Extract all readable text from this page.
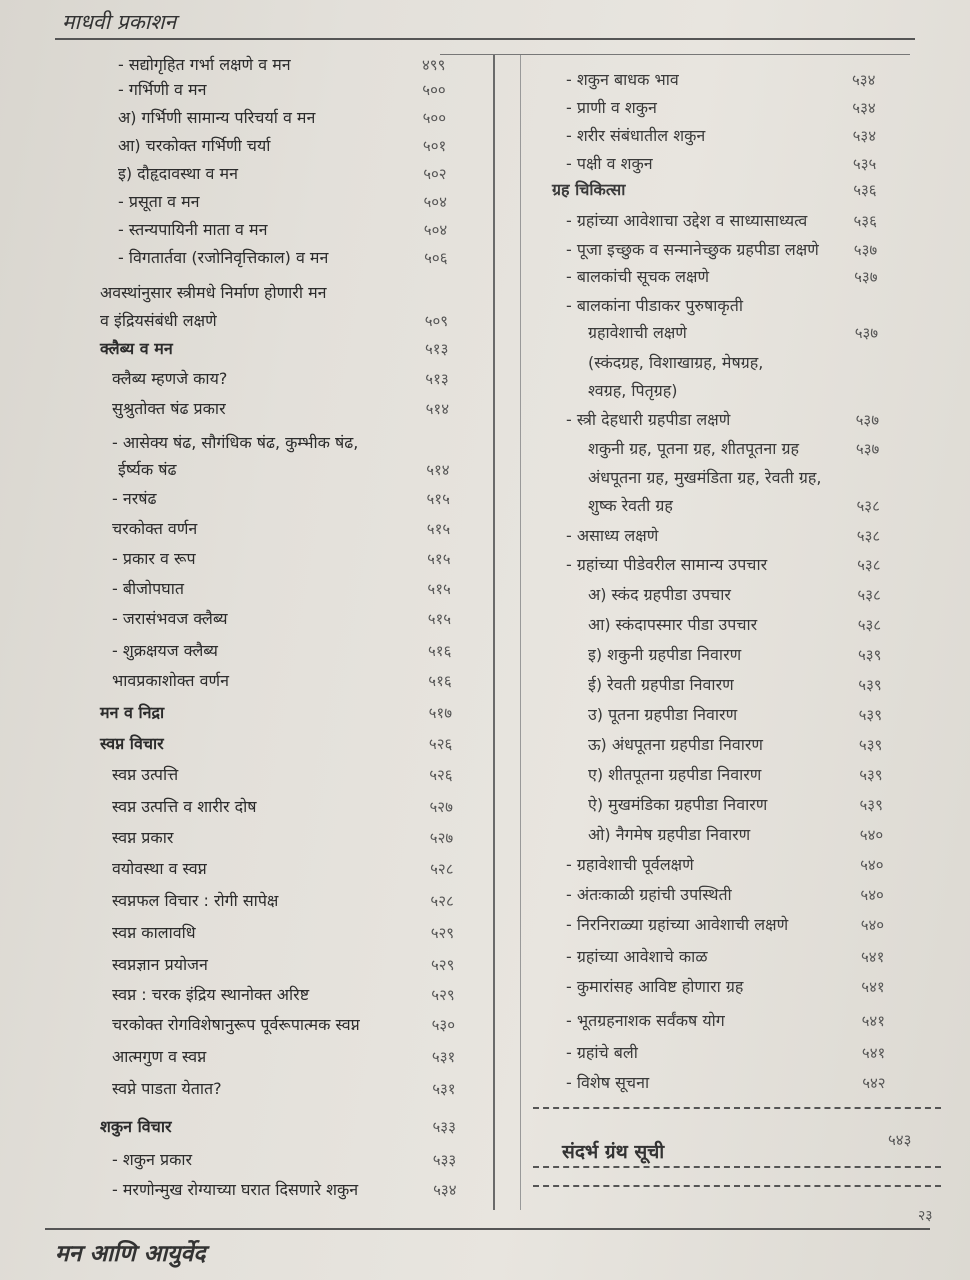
माधवी प्रकाशन
- सद्योगृहित गर्भा लक्षणे व मन	४९९
- गर्भिणी व मन	५००
अ) गर्भिणी सामान्य परिचर्या व मन	५००
आ) चरकोक्त गर्भिणी चर्या	५०१
इ) दौहृदावस्था व मन	५०२
- प्रसूता व मन	५०४
- स्तन्यपायिनी माता व मन	५०४
- विगतार्तवा (रजोनिवृत्तिकाल) व मन	५०६
अवस्थांनुसार स्त्रीमधे निर्माण होणारी मन
व इंद्रियसंबंधी लक्षणे	५०९
क्लैब्य व मन	५१३
क्लैब्य म्हणजे काय?	५१३
सुश्रुतोक्त षंढ प्रकार	५१४
- आसेक्य षंढ, सौगंधिक षंढ, कुम्भीक षंढ,
ईर्ष्यक षंढ	५१४
- नरषंढ	५१५
चरकोक्त वर्णन	५१५
- प्रकार व रूप	५१५
- बीजोपघात	५१५
- जरासंभवज क्लैब्य	५१५
- शुक्रक्षयज क्लैब्य	५१६
भावप्रकाशोक्त वर्णन	५१६
मन व निद्रा	५१७
स्वप्न विचार	५२६
स्वप्न उत्पत्ति	५२६
स्वप्न उत्पत्ति व शारीर दोष	५२७
स्वप्न प्रकार	५२७
वयोवस्था व स्वप्न	५२८
स्वप्नफल विचार : रोगी सापेक्ष	५२८
स्वप्न कालावधि	५२९
स्वप्नज्ञान प्रयोजन	५२९
स्वप्न : चरक इंद्रिय स्थानोक्त अरिष्ट	५२९
चरकोक्त रोगविशेषानुरूप पूर्वरूपात्मक स्वप्न	५३०
आत्मगुण व स्वप्न	५३१
स्वप्ने पाडता येतात?	५३१
शकुन विचार	५३३
- शकुन प्रकार	५३३
- मरणोन्मुख रोग्याच्या घरात दिसणारे शकुन	५३४
- शकुन बाधक भाव	५३४
- प्राणी व शकुन	५३४
- शरीर संबंधातील शकुन	५३४
- पक्षी व शकुन	५३५
ग्रह चिकित्सा	५३६
- ग्रहांच्या आवेशाचा उद्देश व साध्यासाध्यत्व	५३६
- पूजा इच्छुक व सन्मानेच्छुक ग्रहपीडा लक्षणे ५३७
- बालकांची सूचक लक्षणे	५३७
- बालकांना पीडाकर पुरुषाकृती
ग्रहावेशाची लक्षणे	५३७
(स्कंदग्रह, विशाखाग्रह, मेषग्रह,
श्वग्रह, पितृग्रह)
- स्त्री देहधारी ग्रहपीडा लक्षणे	५३७
शकुनी ग्रह, पूतना ग्रह, शीतपूतना ग्रह	५३७
अंधपूतना ग्रह, मुखमंडिता ग्रह, रेवती ग्रह,
शुष्क रेवती ग्रह	५३८
- असाध्य लक्षणे	५३८
- ग्रहांच्या पीडेवरील सामान्य उपचार	५३८
अ) स्कंद ग्रहपीडा उपचार	५३८
आ) स्कंदापस्मार पीडा उपचार	५३८
इ) शकुनी ग्रहपीडा निवारण	५३९
ई) रेवती ग्रहपीडा निवारण	५३९
उ) पूतना ग्रहपीडा निवारण	५३९
ऊ) अंधपूतना ग्रहपीडा निवारण	५३९
ए) शीतपूतना ग्रहपीडा निवारण	५३९
ऐ) मुखमंडिका ग्रहपीडा निवारण	५३९
ओ) नैगमेष ग्रहपीडा निवारण	५४०
- ग्रहावेशाची पूर्वलक्षणे	५४०
- अंतःकाळी ग्रहांची उपस्थिती	५४०
- निरनिराळ्या ग्रहांच्या आवेशाची लक्षणे	५४०
- ग्रहांच्या आवेशाचे काळ	५४१
- कुमारांसह आविष्ट होणारा ग्रह	५४१
- भूतग्रहनाशक सर्वंकष योग	५४१
- ग्रहांचे बली	५४१
- विशेष सूचना	५४२
संदर्भ ग्रंथ सूची
५४३
२३
मन आणि आयुर्वेद
